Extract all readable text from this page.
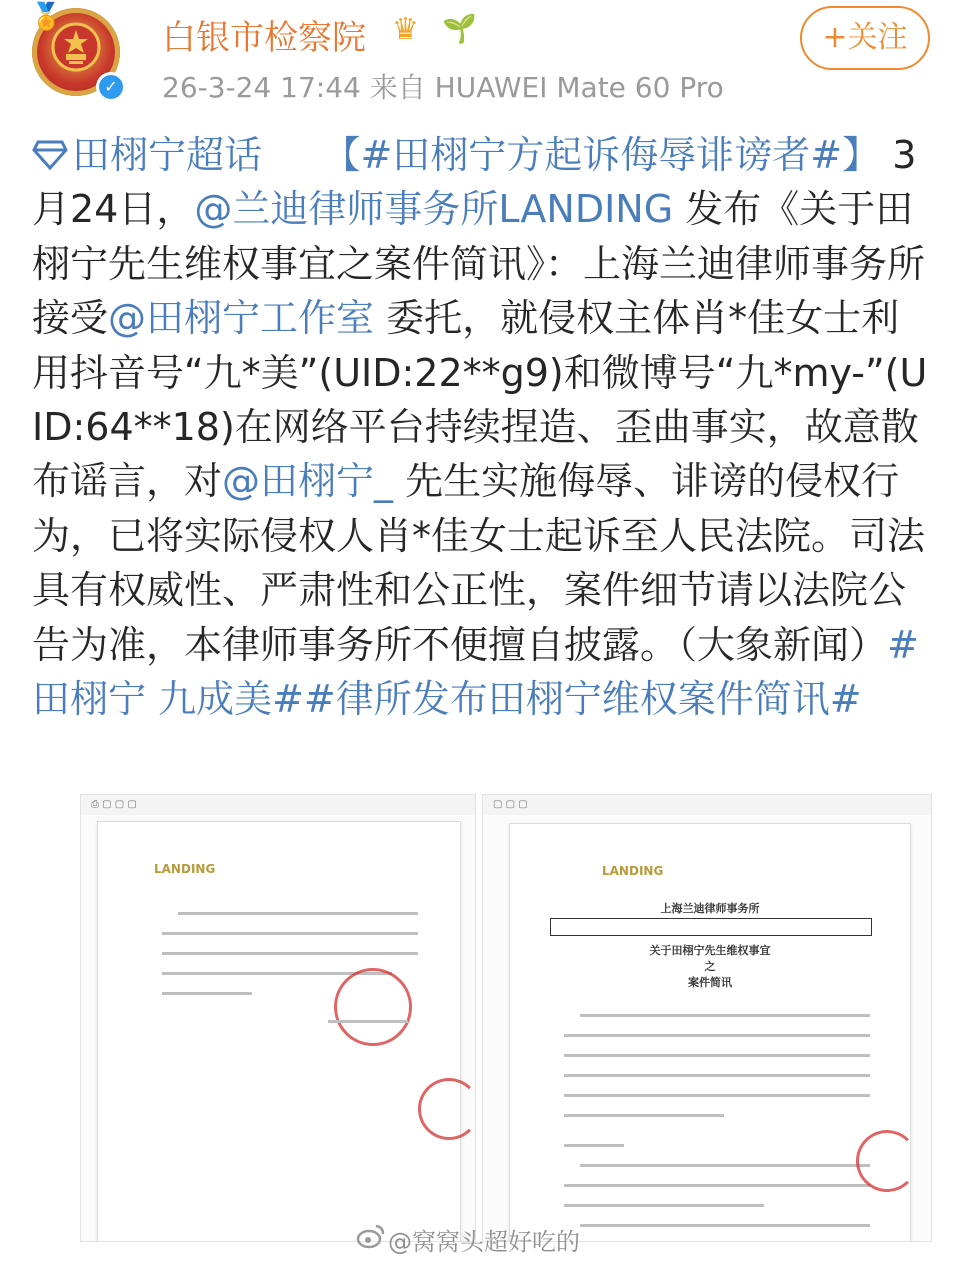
🏅
✓
白银市检察院 ♛ 🌱
26-3-24 17:44 来自 HUAWEI Mate 60 Pro
+关注
田栩宁超话 【#田栩宁方起诉侮辱诽谤者#】 3月24日，@兰迪律师事务所LANDING 发布《关于田栩宁先生维权事宜之案件简讯》：上海兰迪律师事务所接受@田栩宁工作室 委托，就侵权主体肖*佳女士利用抖音号“九*美”(UID:22**g9)和微博号“九*my-”(UID:64**18)在网络平台持续捏造、歪曲事实，故意散布谣言，对@田栩宁_ 先生实施侮辱、诽谤的侵权行为，已将实际侵权人肖*佳女士起诉至人民法院。司法具有权威性、严肃性和公正性，案件细节请以法院公告为准，本律师事务所不便擅自披露。（大象新闻）#田栩宁 九成美##律所发布田栩宁维权案件简讯#
⎙ ▢ ▢ ▢
LANDING
▢ ▢ ▢
LANDING
上海兰迪律师事务所
关于田栩宁先生维权事宜
之
案件简讯
@窝窝头超好吃的
